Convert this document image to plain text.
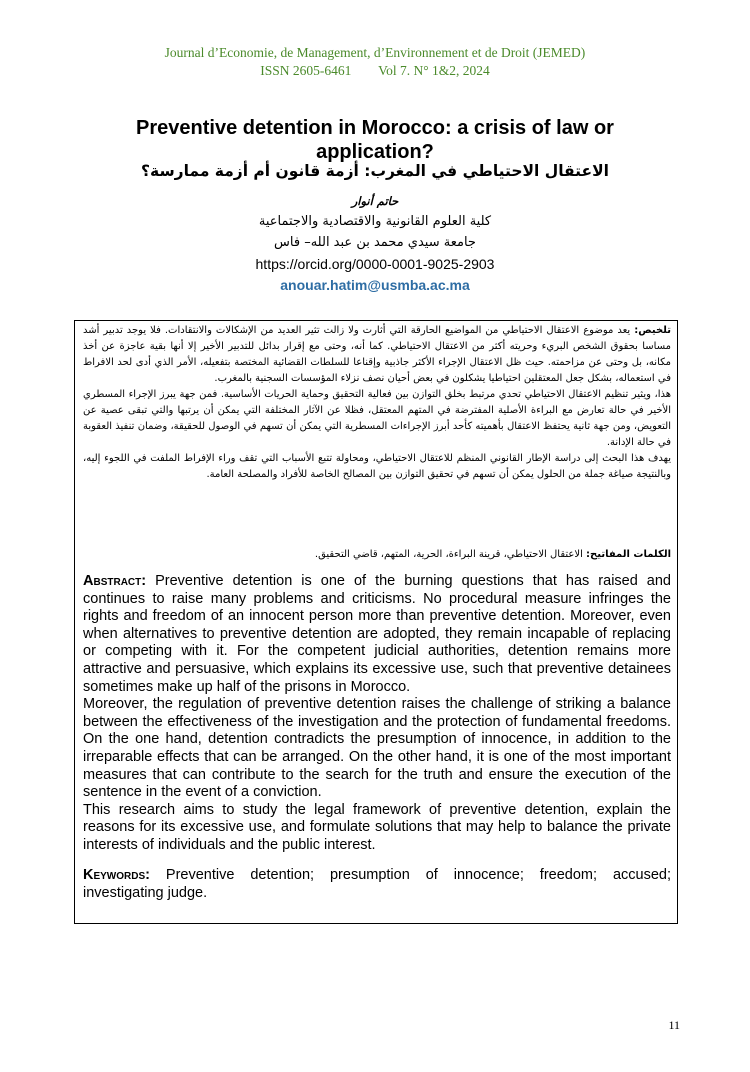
Journal d’Economie, de Management, d’Environnement et de Droit (JEMED)
ISSN 2605-6461        Vol 7. N° 1&2, 2024
Preventive detention in Morocco: a crisis of law or application?
الاعتقال الاحتياطي في المغرب: أزمة قانون أم أزمة ممارسة؟
حاتم أنوار
كلية العلوم القانونية والاقتصادية والاجتماعية
جامعة سيدي محمد بن عبد الله– فاس
https://orcid.org/0000-0001-9025-2903
anouar.hatim@usmba.ac.ma

تلخيص: يعد موضوع الاعتقال الاحتياطي من المواضيع الحارقة التي أثارت ولا زالت تثير العديد من الإشكالات والانتقادات. فلا يوجد تدبير أشد مساسا بحقوق الشخص البريء وحريته أكثر من الاعتقال الاحتياطي. كما أنه، وحتى مع إقرار بدائل للتدبير الأخير إلا أنها بقية عاجزة عن أخذ مكانه، بل وحتى عن مزاحمته. حيث ظل الاعتقال الإجراء الأكثر جاذبية وإقناعا للسلطات القضائية المختصة بتفعيله، الأمر الذي أدى لحد الافراط في استعماله، بشكل جعل المعتقلين احتياطيا يشكلون في بعض أحيان نصف نزلاء المؤسسات السجنية بالمغرب.

هذا، ويثير تنظيم الاعتقال الاحتياطي تحدي مرتبط بخلق التوازن بين فعالية التحقيق وحماية الحريات الأساسية. فمن جهة يبرز الإجراء المسطري الأخير في حالة تعارض مع البراءة الأصلية المفترضة في المتهم المعتقل، فظلا عن الآثار المختلفة التي يمكن أن يرتبها والتي تبقى عصية عن التعويض، ومن جهة ثانية يحتفظ الاعتقال بأهميته كأحد أبرز الإجراءات المسطرية التي يمكن أن تسهم في الوصول للحقيقة، وضمان تنفيذ العقوبة في حالة الإدانة.

يهدف هذا البحث إلى دراسة الإطار القانوني المنظم للاعتقال الاحتياطي، ومحاولة تتبع الأسباب التي تقف وراء الإفراط الملفت في اللجوء إليه، وبالنتيجة صياغة جملة من الحلول يمكن أن تسهم في تحقيق التوازن بين المصالح الخاصة للأفراد والمصلحة العامة.

الكلمات المفاتيح: الاعتقال الاحتياطي، قرينة البراءة، الحرية، المتهم، قاضي التحقيق.

Abstract: Preventive detention is one of the burning questions that has raised and continues to raise many problems and criticisms. No procedural measure infringes the rights and freedom of an innocent person more than preventive detention. Moreover, even when alternatives to preventive detention are adopted, they remain incapable of replacing or competing with it. For the competent judicial authorities, detention remains more attractive and persuasive, which explains its excessive use, such that preventive detainees sometimes make up half of the prisons in Morocco.

Moreover, the regulation of preventive detention raises the challenge of striking a balance between the effectiveness of the investigation and the protection of fundamental freedoms. On the one hand, detention contradicts the presumption of innocence, in addition to the irreparable effects that can be arranged. On the other hand, it is one of the most important measures that can contribute to the search for the truth and ensure the execution of the sentence in the event of a conviction.

This research aims to study the legal framework of preventive detention, explain the reasons for its excessive use, and formulate solutions that may help to balance the private interests of individuals and the public interest.

Keywords: Preventive detention; presumption of innocence; freedom; accused; investigating judge.
11
